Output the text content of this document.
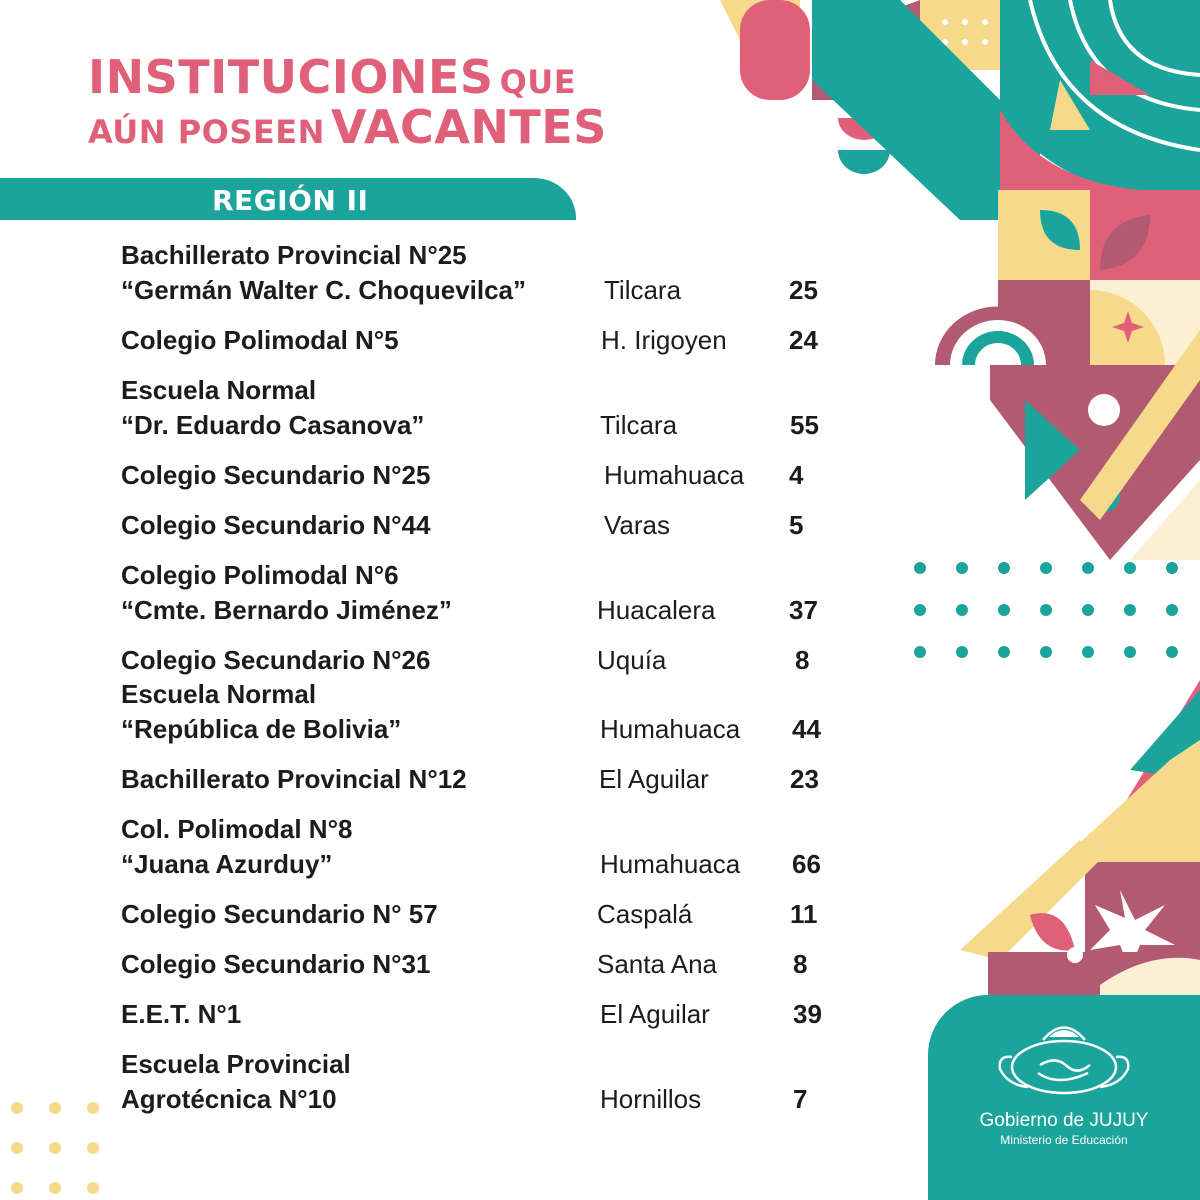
INSTITUCIONES QUE
AÚN POSEEN VACANTES
REGIÓN II
Bachillerato Provincial N°25
“Germán Walter C. Choquevilca”	Tilcara	25
Colegio Polimodal N°5	H. Irigoyen 24
Escuela Normal
“Dr. Eduardo Casanova”	Tilcara	55
Colegio Secundario N°25	Humahuaca 4
Colegio Secundario N°44	Varas	5
Colegio Polimodal N°6
“Cmte. Bernardo Jiménez”	Huacalera	37
Colegio Secundario N°26	Uquía	8
Escuela Normal
“República de Bolivia”	Humahuaca 44
Bachillerato Provincial N°12	El Aguilar	23
Col. Polimodal N°8
“Juana Azurduy”	Humahuaca 66
Colegio Secundario N° 57	Caspalá	11
Colegio Secundario N°31	Santa Ana	8
E.E.T. N°1	El Aguilar	39
Escuela Provincial
Agrotécnica N°10	Hornillos	7
Gobierno de JUJUY
Ministerio de Educación
